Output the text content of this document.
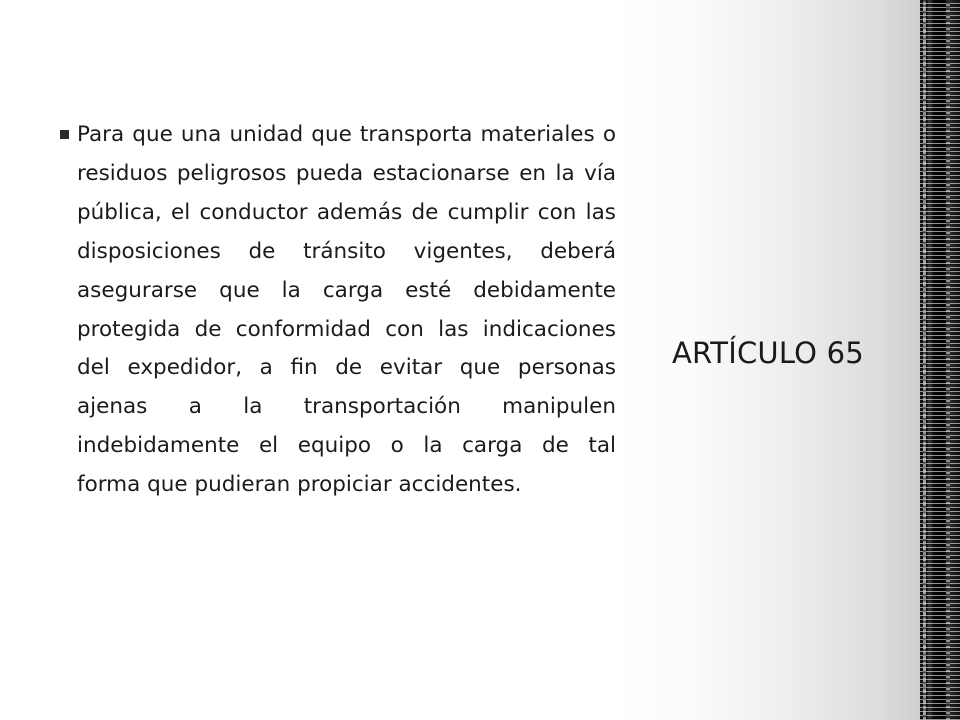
Para que una unidad que transporta materiales o residuos peligrosos pueda estacionarse en la vía pública, el conductor además de cumplir con las disposiciones de tránsito vigentes, deberá asegurarse que la carga esté debidamente protegida de conformidad con las indicaciones del expedidor, a fin de evitar que personas ajenas a la transportación manipulen indebidamente el equipo o la carga de tal
forma que pudieran propiciar accidentes.
ARTÍCULO 65
